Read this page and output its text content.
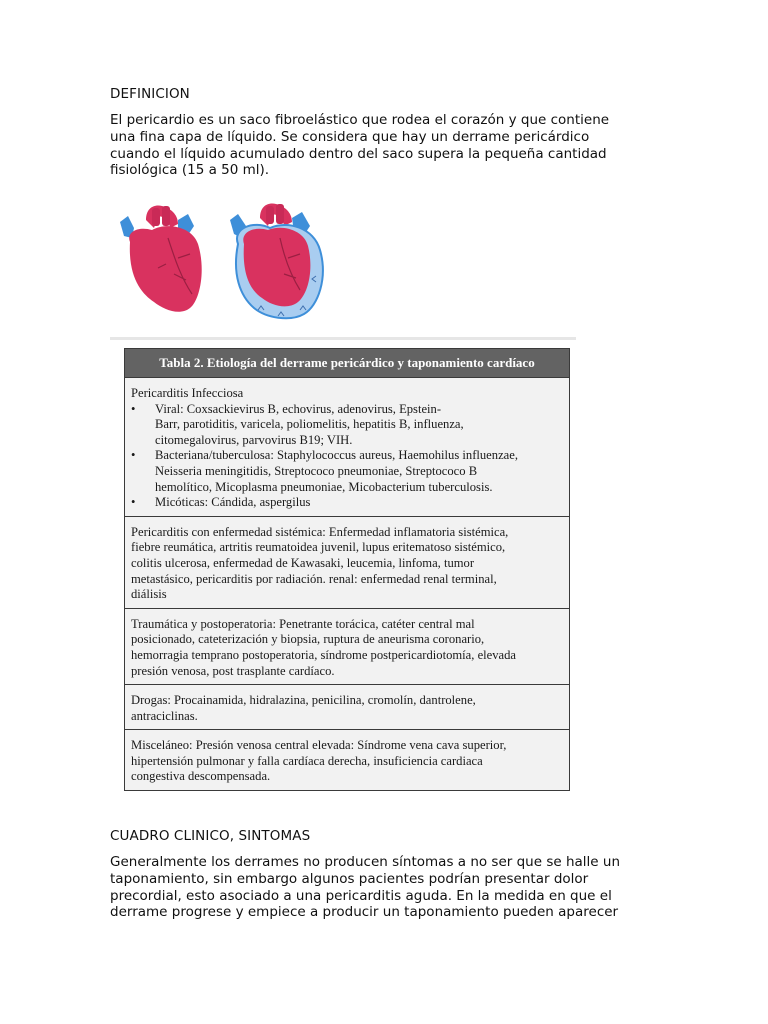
DEFINICION

El pericardio es un saco fibroelástico que rodea el corazón y que contiene

una fina capa de líquido. Se considera que hay un derrame pericárdico

cuando el líquido acumulado dentro del saco supera la pequeña cantidad

fisiológica (15 a 50 ml).

Tabla 2. Etiología del derrame pericárdico y taponamiento cardíaco
Pericarditis Infecciosa
•	Viral: Coxsackievirus B, echovirus, adenovirus, Epstein-
Barr, parotiditis, varicela, poliomelitis, hepatitis B, influenza,
citomegalovirus, parvovirus B19; VIH.
•	Bacteriana/tuberculosa: Staphylococcus aureus, Haemohilus influenzae,
Neisseria meningitidis, Streptococo pneumoniae, Streptococo B
hemolítico, Micoplasma pneumoniae, Micobacterium tuberculosis.
•	Micóticas: Cándida, aspergilus
Pericarditis con enfermedad sistémica: Enfermedad inflamatoria sistémica,
fiebre reumática, artritis reumatoidea juvenil, lupus eritematoso sistémico,
colitis ulcerosa, enfermedad de Kawasaki, leucemia, linfoma, tumor
metastásico, pericarditis por radiación. renal: enfermedad renal terminal,
diálisis
Traumática y postoperatoria: Penetrante torácica, catéter central mal
posicionado, cateterización y biopsia, ruptura de aneurisma coronario,
hemorragia temprano postoperatoria, síndrome postpericardiotomía, elevada
presión venosa, post trasplante cardíaco.
Drogas: Procainamida, hidralazina, penicilina, cromolín, dantrolene,
antraciclinas.
Misceláneo: Presión venosa central elevada: Síndrome vena cava superior,
hipertensión pulmonar y falla cardíaca derecha, insuficiencia cardiaca
congestiva descompensada.
CUADRO CLINICO, SINTOMAS

Generalmente los derrames no producen síntomas a no ser que se halle un

taponamiento, sin embargo algunos pacientes podrían presentar dolor

precordial, esto asociado a una pericarditis aguda. En la medida en que el

derrame progrese y empiece a producir un taponamiento pueden aparecer
